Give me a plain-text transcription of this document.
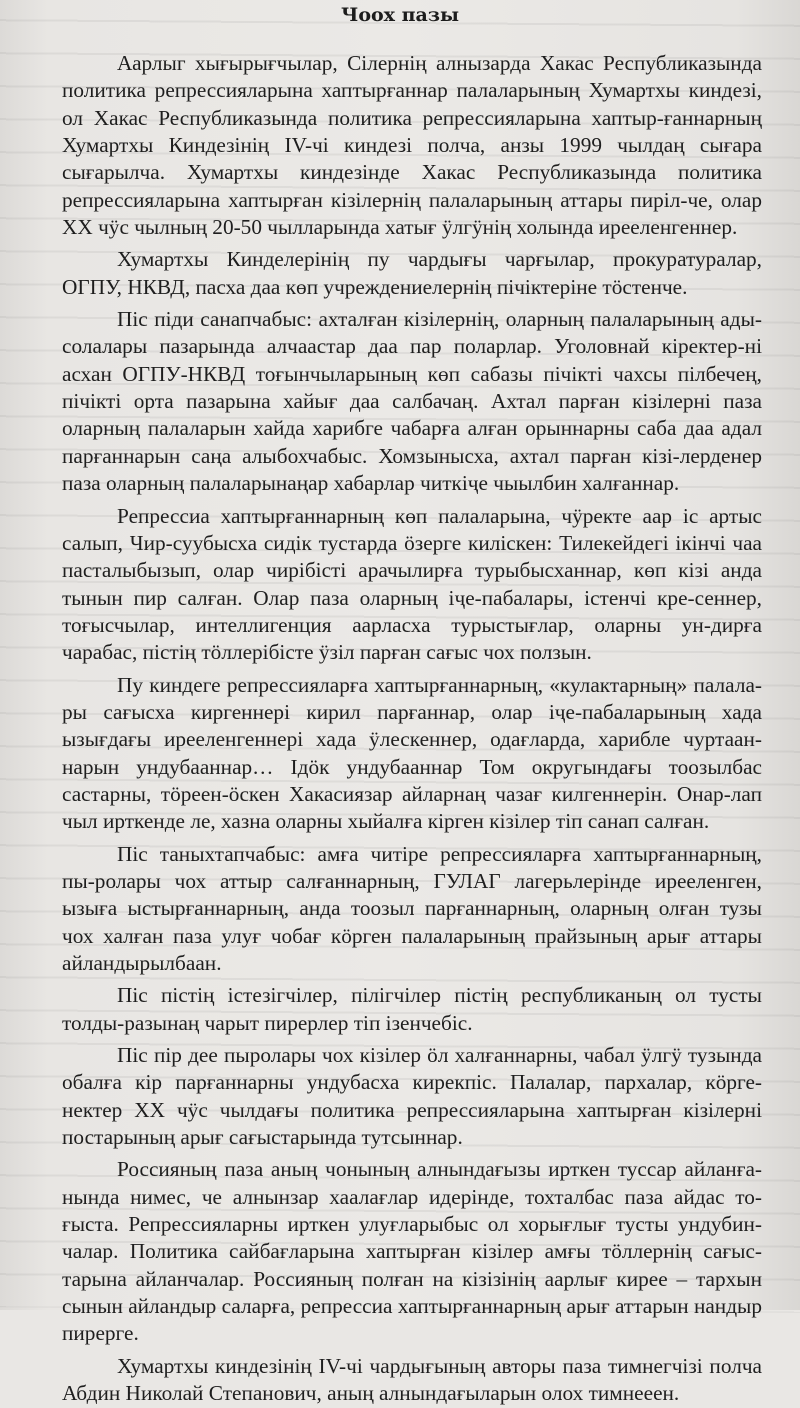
Чоох пазы

Аарлыг хығырығчылар, Сілернің алнызарда Хакас Республиказында политика репрессияларына хаптырғаннар палаларының Хумартхы киндезі, ол Хакас Республиказында политика репрессияларына хаптыр-ғаннарның Хумартхы Киндезінің IV-чі киндезі полча, анзы 1999 чылдаң сығара сығарылча. Хумартхы киндезінде Хакас Республиказында политика репрессияларына хаптырған кізілернің палаларының аттары пиріл-че, олар ХХ чӱс чылның 20-50 чылларында хатығ ӱлгӱнің холында ирееленгеннер.

Хумартхы Кинделерінің пу чардығы чарғылар, прокуратуралар, ОГПУ, НКВД, пасха даа көп учреждениелернің пічіктеріне тӧстенче.

Піс піди санапчабыс: ахталған кізілернің, оларның палаларының ады-солалары пазарында алчаастар даа пар поларлар. Уголовнай кіректер-ні асхан ОГПУ-НКВД тоғынчыларының көп сабазы пічікті чахсы пілбечең, пічікті орта пазарына хайығ даа салбачаң. Ахтал парған кізілерні паза оларның палаларын хайда харибге чабарға алған орыннарны саба даа адал парғаннарын саңа алыбохчабыс. Хомзынысха, ахтал парған кізі-лерденер паза оларның палаларынаңар хабарлар читкіҷе чыылбин халғаннар.

Репрессиа хаптырғаннарның көп палаларына, чӱректе аар іс артыс салып, Чир-суубысха сидік тустарда ӧзерге киліскен: Тилекейдегі ікінчі чаа пасталыбызып, олар чирібісті арачылирға турыбысханнар, көп кізі анда тынын пир салған. Олар паза оларның іҷе-пабалары, істенчі кре-сеннер, тоғысчылар, интеллигенция аарласха турыстығлар, оларны ун-дирға чарабас, пістің тӧллерібісте ӱзіл парған сағыс чох ползын.

Пу киндеге репрессияларға хаптырғаннарның, «кулактарның» палала-ры сағысха киргеннері кирил парғаннар, олар іҷе-пабаларының хада ызығдағы ирееленгеннері хада ӱлескеннер, одағларда, харибле чуртаан-нарын ундубааннар… Ідӧк ундубааннар Том округындағы тоозылбас састарны, тӧреен-ӧскен Хакасиязар айларнаң чазағ килгеннерін. Онар-лап чыл ирткенде ле, хазна оларны хыйалға кірген кізілер тіп санап салған.

Піс таныхтапчабыс: амға читіре репрессияларға хаптырғаннарның, пы-ролары чох аттыр салғаннарның, ГУЛАГ лагерьлерінде ирееленген, ызыға ыстырғаннарның, анда тоозыл парғаннарның, оларның олған тузы чох халған паза улуғ чобағ кӧрген палаларының прайзының арығ аттары айландырылбаан.

Піс пістің істезігчілер, пілігчілер пістің республиканың ол тусты толды-разынаң чарыт пирерлер тіп ізенчебіс.

Піс пір дее пыролары чох кізілер ӧл халғаннарны, чабал ӱлгӱ тузында обалға кір парғаннарны ундубасха кирекпіс. Палалар, пархалар, кӧрге-нектер ХХ чӱс чылдағы политика репрессияларына хаптырған кізілерні постарының арығ сағыстарында тутсыннар.

Россияның паза аның чонының алнындағызы ирткен туссар айланға-нында нимес, че алнынзар хаалағлар идерінде, тохталбас паза айдас то-ғыста. Репрессияларны ирткен улуғларыбыс ол хорығлығ тусты ундубин-чалар. Политика сайбағларына хаптырған кізілер амғы тӧллернің сағыс-тарына айланчалар. Россияның полған на кізізінің аарлығ кирее – тархын сынын айландыр саларға, репрессиа хаптырғаннарның арығ аттарын нандыр пирерге.

Хумартхы киндезінің IV-чі чардығының авторы паза тимнегчізі полча Абдин Николай Степанович, аның алнындағыларын олох тимнееен.
